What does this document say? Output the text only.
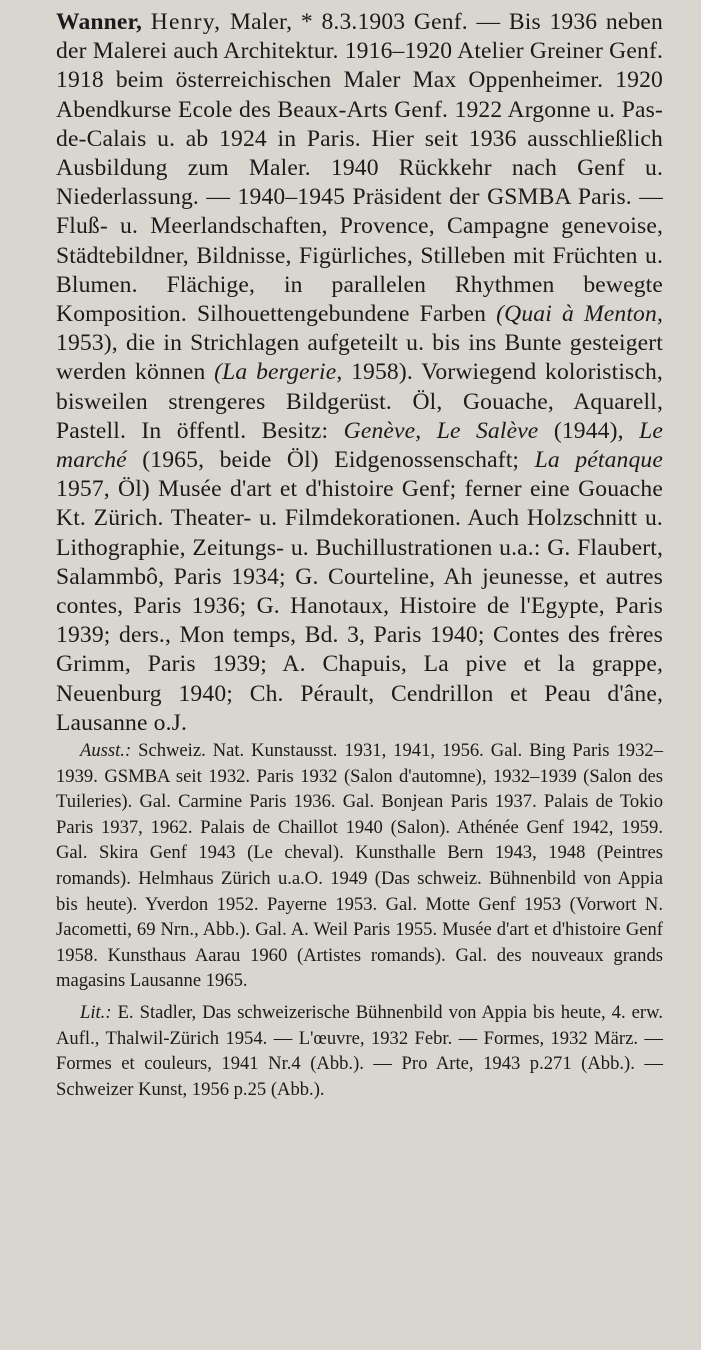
Wanner, Henry, Maler, * 8.3.1903 Genf. — Bis 1936 neben der Malerei auch Architektur. 1916–1920 Atelier Greiner Genf. 1918 beim österreichischen Maler Max Oppenheimer. 1920 Abendkurse Ecole des Beaux-Arts Genf. 1922 Argonne u. Pas-de-Calais u. ab 1924 in Paris. Hier seit 1936 ausschließlich Ausbildung zum Maler. 1940 Rückkehr nach Genf u. Niederlassung. — 1940–1945 Präsident der GSMBA Paris. — Fluß- u. Meerlandschaften, Provence, Campagne genevoise, Städtebildner, Bildnisse, Figürliches, Stilleben mit Früchten u. Blumen. Flächige, in parallelen Rhythmen bewegte Komposition. Silhouettengebundene Farben (Quai à Menton, 1953), die in Strichlagen aufgeteilt u. bis ins Bunte gesteigert werden können (La bergerie, 1958). Vorwiegend koloristisch, bisweilen strengeres Bildgerüst. Öl, Gouache, Aquarell, Pastell. In öffentl. Besitz: Genève, Le Salève (1944), Le marché (1965, beide Öl) Eidgenossenschaft; La pétanque 1957, Öl) Musée d'art et d'histoire Genf; ferner eine Gouache Kt. Zürich. Theater- u. Filmdekorationen. Auch Holzschnitt u. Lithographie, Zeitungs- u. Buchillustrationen u.a.: G. Flaubert, Salammbô, Paris 1934; G. Courteline, Ah jeunesse, et autres contes, Paris 1936; G. Hanotaux, Histoire de l'Egypte, Paris 1939; ders., Mon temps, Bd. 3, Paris 1940; Contes des frères Grimm, Paris 1939; A. Chapuis, La pive et la grappe, Neuenburg 1940; Ch. Pérault, Cendrillon et Peau d'âne, Lausanne o.J.

Ausst.: Schweiz. Nat. Kunstausst. 1931, 1941, 1956. Gal. Bing Paris 1932–1939. GSMBA seit 1932. Paris 1932 (Salon d'automne), 1932–1939 (Salon des Tuileries). Gal. Carmine Paris 1936. Gal. Bonjean Paris 1937. Palais de Tokio Paris 1937, 1962. Palais de Chaillot 1940 (Salon). Athénée Genf 1942, 1959. Gal. Skira Genf 1943 (Le cheval). Kunsthalle Bern 1943, 1948 (Peintres romands). Helmhaus Zürich u.a.O. 1949 (Das schweiz. Bühnenbild von Appia bis heute). Yverdon 1952. Payerne 1953. Gal. Motte Genf 1953 (Vorwort N. Jacometti, 69 Nrn., Abb.). Gal. A. Weil Paris 1955. Musée d'art et d'histoire Genf 1958. Kunsthaus Aarau 1960 (Artistes romands). Gal. des nouveaux grands magasins Lausanne 1965.

Lit.: E. Stadler, Das schweizerische Bühnenbild von Appia bis heute, 4. erw. Aufl., Thalwil-Zürich 1954. — L'œuvre, 1932 Febr. — Formes, 1932 März. — Formes et couleurs, 1941 Nr.4 (Abb.). — Pro Arte, 1943 p.271 (Abb.). — Schweizer Kunst, 1956 p.25 (Abb.).
